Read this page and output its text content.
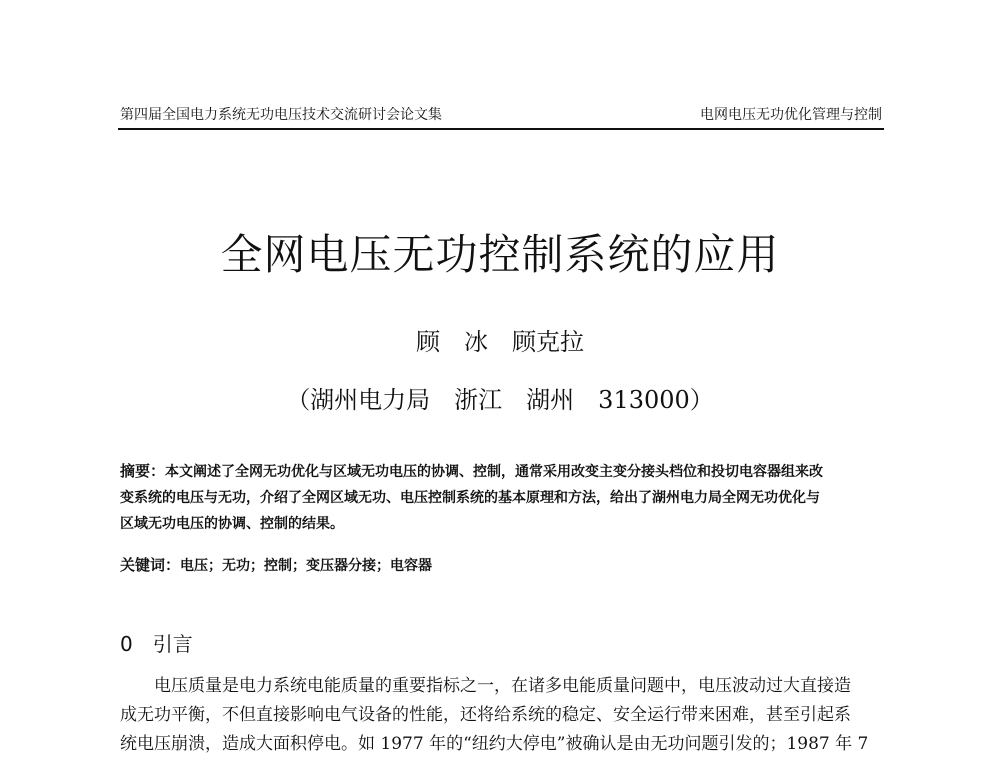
第四届全国电力系统无功电压技术交流研讨会论文集	电网电压无功优化管理与控制
全网电压无功控制系统的应用
顾　冰　顾克拉
（湖州电力局　浙江　湖州　313000）
摘要：本文阐述了全网无功优化与区域无功电压的协调、控制，通常采用改变主变分接头档位和投切电容器组来改
变系统的电压与无功，介绍了全网区域无功、电压控制系统的基本原理和方法，给出了湖州电力局全网无功优化与
区域无功电压的协调、控制的结果。
关键词：电压；无功；控制；变压器分接；电容器
0　引言
电压质量是电力系统电能质量的重要指标之一，在诸多电能质量问题中，电压波动过大直接造
成无功平衡，不但直接影响电气设备的性能，还将给系统的稳定、安全运行带来困难，甚至引起系
统电压崩溃，造成大面积停电。如 1977 年的“纽约大停电”被确认是由无功问题引发的；1987 年 7
